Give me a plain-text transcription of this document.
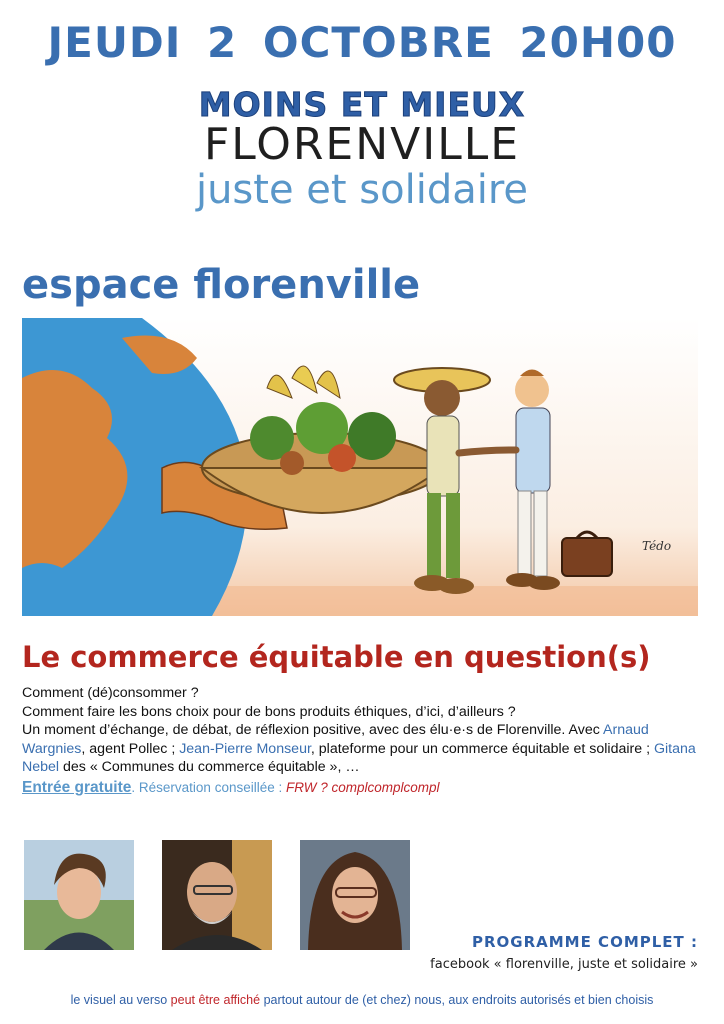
JEUDI 2 OCTOBRE 20H00
MOINS ET MIEUX
FLORENVILLE
juste et solidaire
espace florenville
Tédo
Le commerce équitable en question(s)

Comment (dé)consommer ?

Comment faire les bons choix pour de bons produits éthiques, d’ici, d’ailleurs ?

Un moment d’échange, de débat, de réflexion positive, avec des élu·e·s de Florenville. Avec Arnaud Wargnies, agent Pollec ; Jean-Pierre Monseur, plateforme pour un commerce équitable et solidaire ; Gitana Nebel des « Communes du commerce équitable », …

Entrée gratuite. Réservation conseillée : FRW ? complcomplcompl

PROGRAMME COMPLET :
facebook « florenville, juste et solidaire »
le visuel au verso peut être affiché partout autour de (et chez) nous, aux endroits autorisés et bien choisis
